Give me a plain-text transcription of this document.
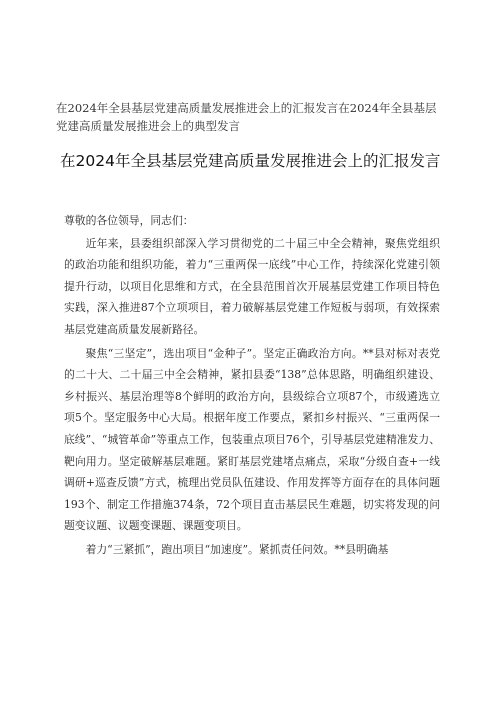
在2024年全县基层党建高质量发展推进会上的汇报发言在2024年全县基层党建高质量发展推进会上的典型发言
在2024年全县基层党建高质量发展推进会上的汇报发言

尊敬的各位领导，同志们：

近年来，县委组织部深入学习贯彻党的二十届三中全会精神，聚焦党组织的政治功能和组织功能，着力“三重两保一底线”中心工作，持续深化党建引领提升行动，以项目化思维和方式，在全县范围首次开展基层党建工作项目特色实践，深入推进87个立项项目，着力破解基层党建工作短板与弱项，有效探索基层党建高质量发展新路径。

聚焦“三坚定”，选出项目“金种子”。坚定正确政治方向。**县对标对表党的二十大、二十届三中全会精神，紧扣县委“138”总体思路，明确组织建设、乡村振兴、基层治理等8个鲜明的政治方向，县级综合立项87个，市级遴选立项5个。坚定服务中心大局。根据年度工作要点，紧扣乡村振兴、“三重两保一底线”、“城管革命”等重点工作，包装重点项目76个，引导基层党建精准发力、靶向用力。坚定破解基层难题。紧盯基层党建堵点痛点，采取“分级自查+一线调研+巡查反馈”方式，梳理出党员队伍建设、作用发挥等方面存在的具体问题193个、制定工作措施374条，72个项目直击基层民生难题，切实将发现的问题变议题、议题变课题、课题变项目。

着力“三紧抓”，跑出项目“加速度”。紧抓责任问效。**县明确基
